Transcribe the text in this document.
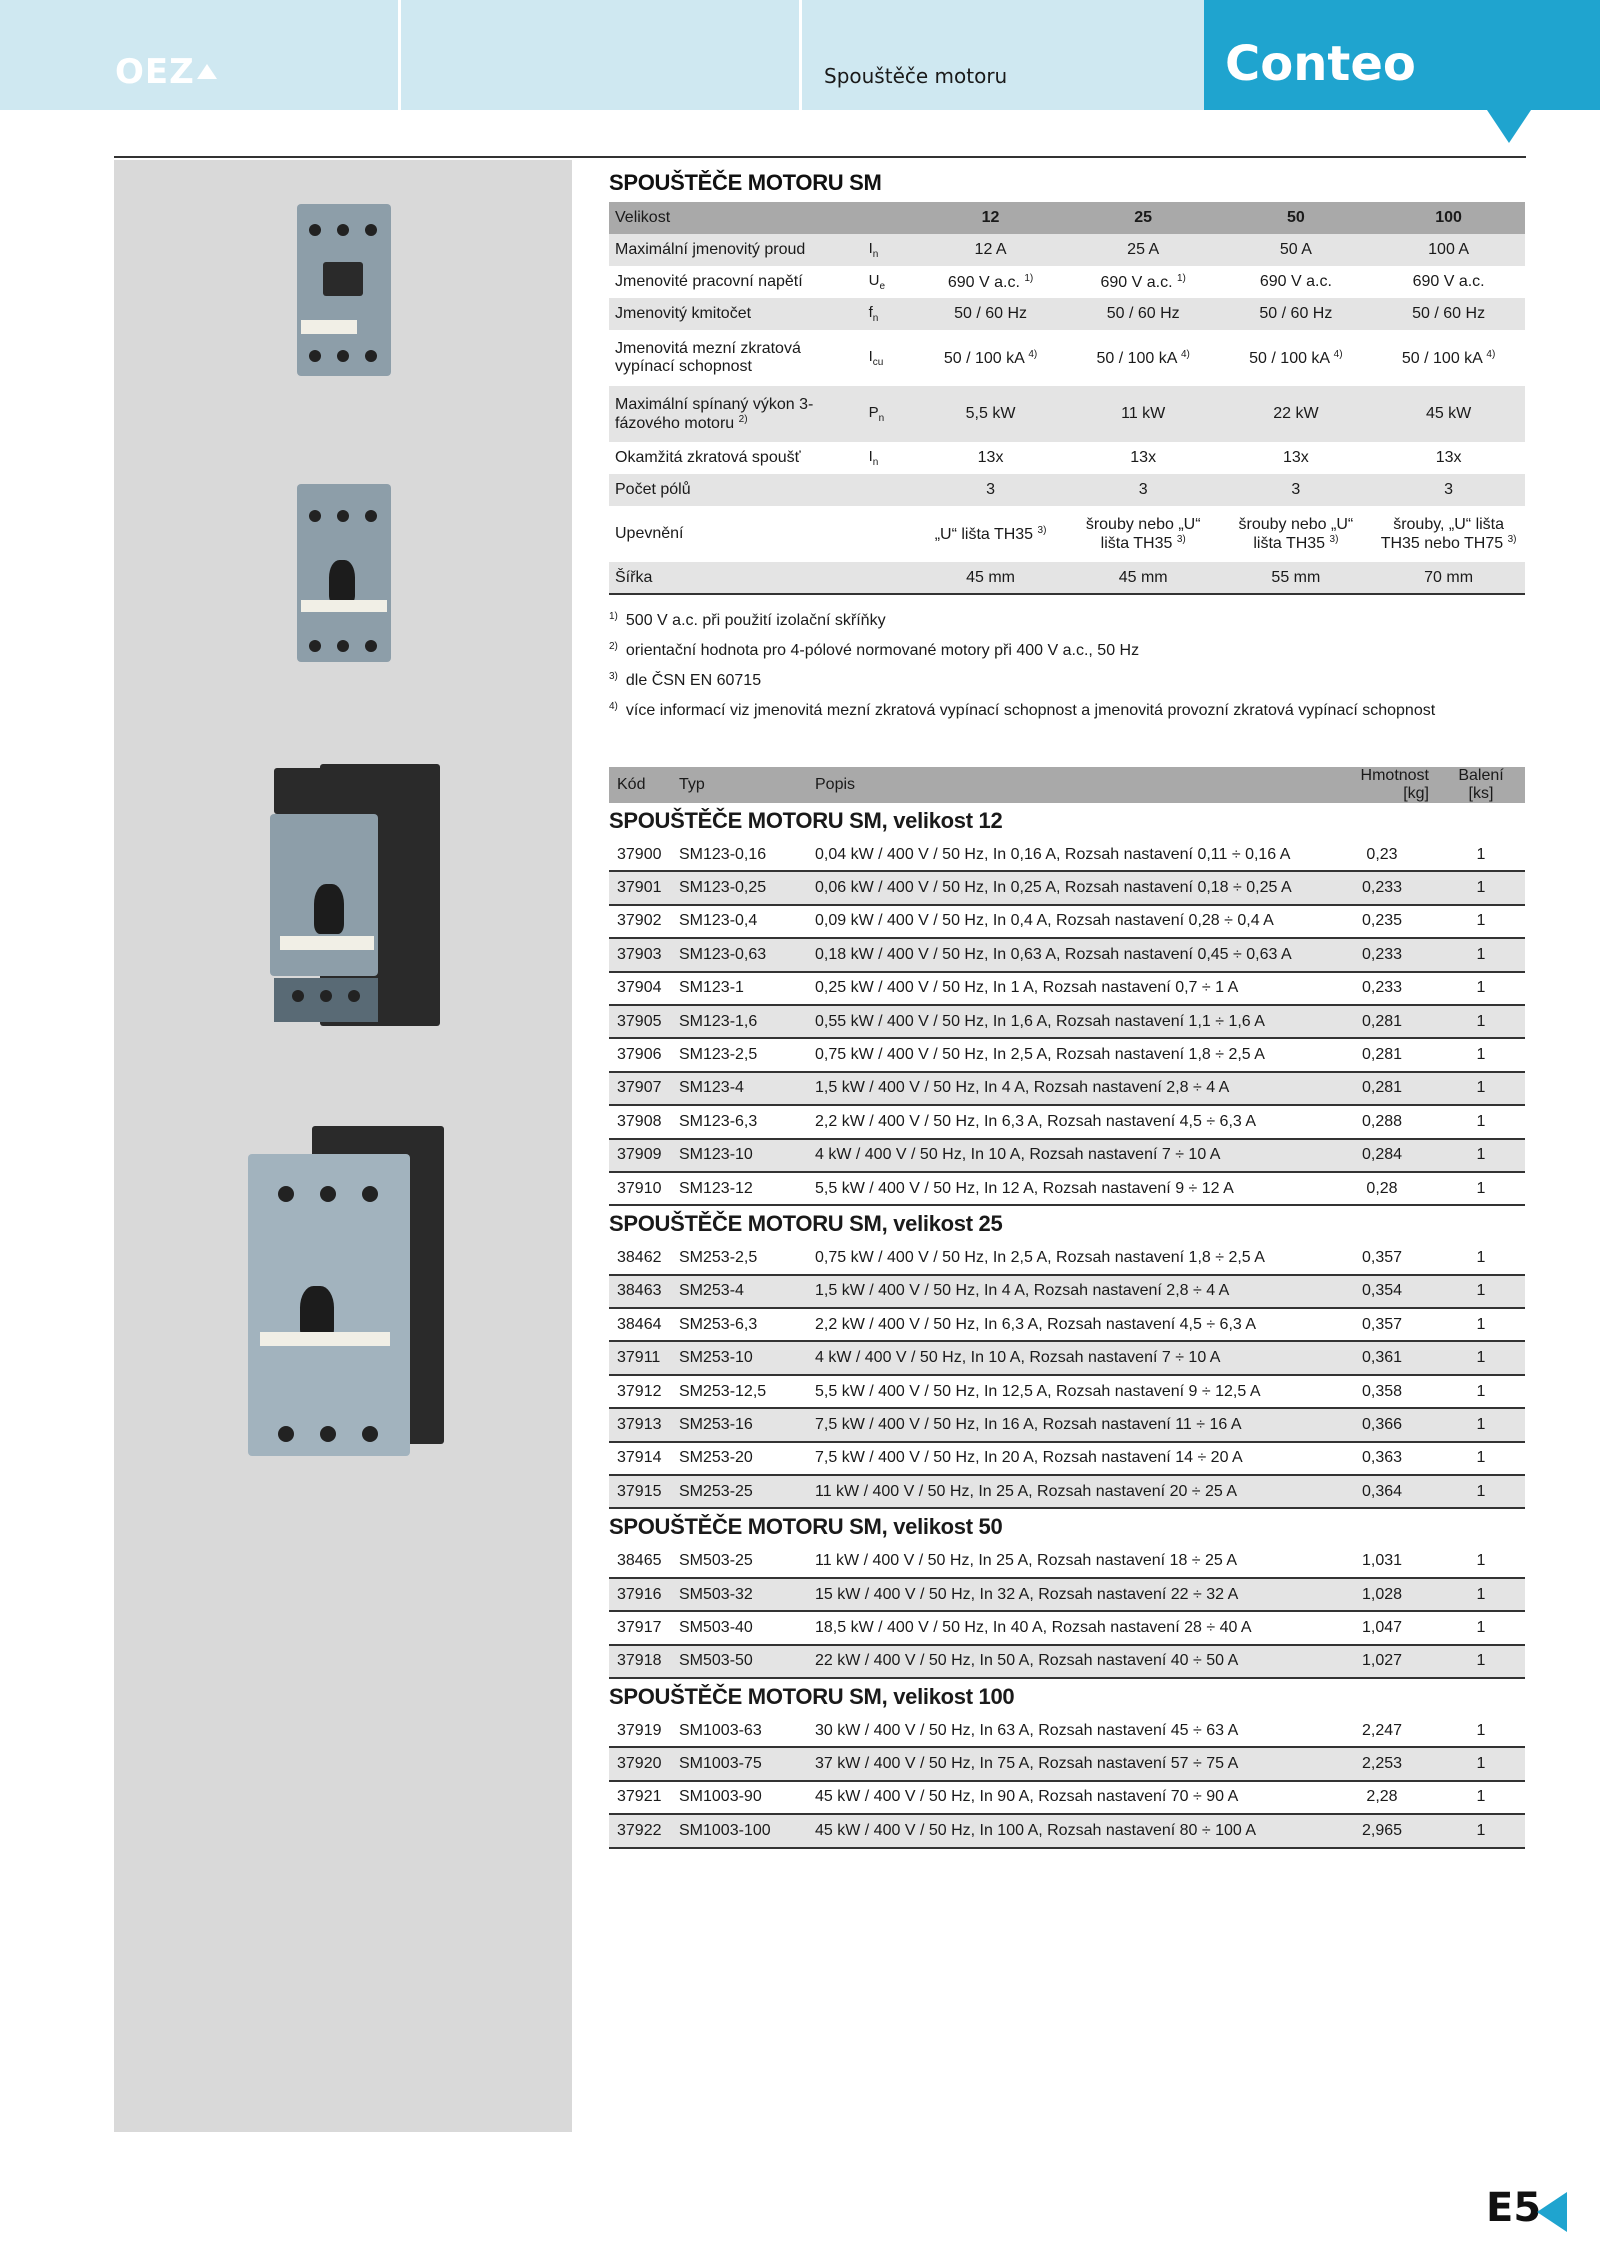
OEZ	Spouštěče motoru	Conteo
SPOUŠTĚČE MOTORU SM
Velikost		12	25	50	100
Maximální jmenovitý proud	$I_n$	12 A	25 A	50 A	100 A
Jmenovité pracovní napětí	$U_e$	690 V a.c. $^{1)}$	690 V a.c. $^{1)}$	690 V a.c.	690 V a.c.
Jmenovitý kmitočet	$f_n$	50 / 60 Hz	50 / 60 Hz	50 / 60 Hz	50 / 60 Hz
Jmenovitá mezní zkratová vypínací schopnost	$I_{cu}$	50 / 100 kA $^{4)}$	50 / 100 kA $^{4)}$	50 / 100 kA $^{4)}$	50 / 100 kA $^{4)}$
Maximální spínaný výkon 3-fázového motoru $^{2)}$	$P_n$	5,5 kW	11 kW	22 kW	45 kW
Okamžitá zkratová spoušť	$I_n$	13x	13x	13x	13x
Počet pólů		3	3	3	3
Upevnění		„U“ lišta TH35 $^{3)}$	šrouby nebo „U“ lišta TH35 $^{3)}$	šrouby nebo „U“ lišta TH35 $^{3)}$	šrouby, „U“ lišta TH35 nebo TH75 $^{3)}$
Šířka		45 mm	45 mm	55 mm	70 mm
$^{1)}$ 500 V a.c. při použití izolační skříňky
$^{2)}$ orientační hodnota pro 4-pólové normované motory při 400 V a.c., 50 Hz
$^{3)}$ dle ČSN EN 60715
$^{4)}$ více informací viz jmenovitá mezní zkratová vypínací schopnost a jmenovitá provozní zkratová vypínací schopnost
Kód	Typ	Popis	Hmotnost [kg]	Balení [ks]
SPOUŠTĚČE MOTORU SM, velikost 12				
37900	SM123-0,16	0,04 kW / 400 V / 50 Hz, In 0,16 A, Rozsah nastavení 0,11 ÷ 0,16 A	0,23	1
37901	SM123-0,25	0,06 kW / 400 V / 50 Hz, In 0,25 A, Rozsah nastavení 0,18 ÷ 0,25 A	0,233	1
37902	SM123-0,4	0,09 kW / 400 V / 50 Hz, In 0,4 A, Rozsah nastavení 0,28 ÷ 0,4 A	0,235	1
37903	SM123-0,63	0,18 kW / 400 V / 50 Hz, In 0,63 A, Rozsah nastavení 0,45 ÷ 0,63 A	0,233	1
37904	SM123-1	0,25 kW / 400 V / 50 Hz, In 1 A, Rozsah nastavení 0,7 ÷ 1 A	0,233	1
37905	SM123-1,6	0,55 kW / 400 V / 50 Hz, In 1,6 A, Rozsah nastavení 1,1 ÷ 1,6 A	0,281	1
37906	SM123-2,5	0,75 kW / 400 V / 50 Hz, In 2,5 A, Rozsah nastavení 1,8 ÷ 2,5 A	0,281	1
37907	SM123-4	1,5 kW / 400 V / 50 Hz, In 4 A, Rozsah nastavení 2,8 ÷ 4 A	0,281	1
37908	SM123-6,3	2,2 kW / 400 V / 50 Hz, In 6,3 A, Rozsah nastavení 4,5 ÷ 6,3 A	0,288	1
37909	SM123-10	4 kW / 400 V / 50 Hz, In 10 A, Rozsah nastavení 7 ÷ 10 A	0,284	1
37910	SM123-12	5,5 kW / 400 V / 50 Hz, In 12 A, Rozsah nastavení 9 ÷ 12 A	0,28	1
SPOUŠTĚČE MOTORU SM, velikost 25				
38462	SM253-2,5	0,75 kW / 400 V / 50 Hz, In 2,5 A, Rozsah nastavení 1,8 ÷ 2,5 A	0,357	1
38463	SM253-4	1,5 kW / 400 V / 50 Hz, In 4 A, Rozsah nastavení 2,8 ÷ 4 A	0,354	1
38464	SM253-6,3	2,2 kW / 400 V / 50 Hz, In 6,3 A, Rozsah nastavení 4,5 ÷ 6,3 A	0,357	1
37911	SM253-10	4 kW / 400 V / 50 Hz, In 10 A, Rozsah nastavení 7 ÷ 10 A	0,361	1
37912	SM253-12,5	5,5 kW / 400 V / 50 Hz, In 12,5 A, Rozsah nastavení 9 ÷ 12,5 A	0,358	1
37913	SM253-16	7,5 kW / 400 V / 50 Hz, In 16 A, Rozsah nastavení 11 ÷ 16 A	0,366	1
37914	SM253-20	7,5 kW / 400 V / 50 Hz, In 20 A, Rozsah nastavení 14 ÷ 20 A	0,363	1
37915	SM253-25	11 kW / 400 V / 50 Hz, In 25 A, Rozsah nastavení 20 ÷ 25 A	0,364	1
SPOUŠTĚČE MOTORU SM, velikost 50				
38465	SM503-25	11 kW / 400 V / 50 Hz, In 25 A, Rozsah nastavení 18 ÷ 25 A	1,031	1
37916	SM503-32	15 kW / 400 V / 50 Hz, In 32 A, Rozsah nastavení 22 ÷ 32 A	1,028	1
37917	SM503-40	18,5 kW / 400 V / 50 Hz, In 40 A, Rozsah nastavení 28 ÷ 40 A	1,047	1
37918	SM503-50	22 kW / 400 V / 50 Hz, In 50 A, Rozsah nastavení 40 ÷ 50 A	1,027	1
SPOUŠTĚČE MOTORU SM, velikost 100				
37919	SM1003-63	30 kW / 400 V / 50 Hz, In 63 A, Rozsah nastavení 45 ÷ 63 A	2,247	1
37920	SM1003-75	37 kW / 400 V / 50 Hz, In 75 A, Rozsah nastavení 57 ÷ 75 A	2,253	1
37921	SM1003-90	45 kW / 400 V / 50 Hz, In 90 A, Rozsah nastavení 70 ÷ 90 A	2,28	1
37922	SM1003-100	45 kW / 400 V / 50 Hz, In 100 A, Rozsah nastavení 80 ÷ 100 A	2,965	1
E5
